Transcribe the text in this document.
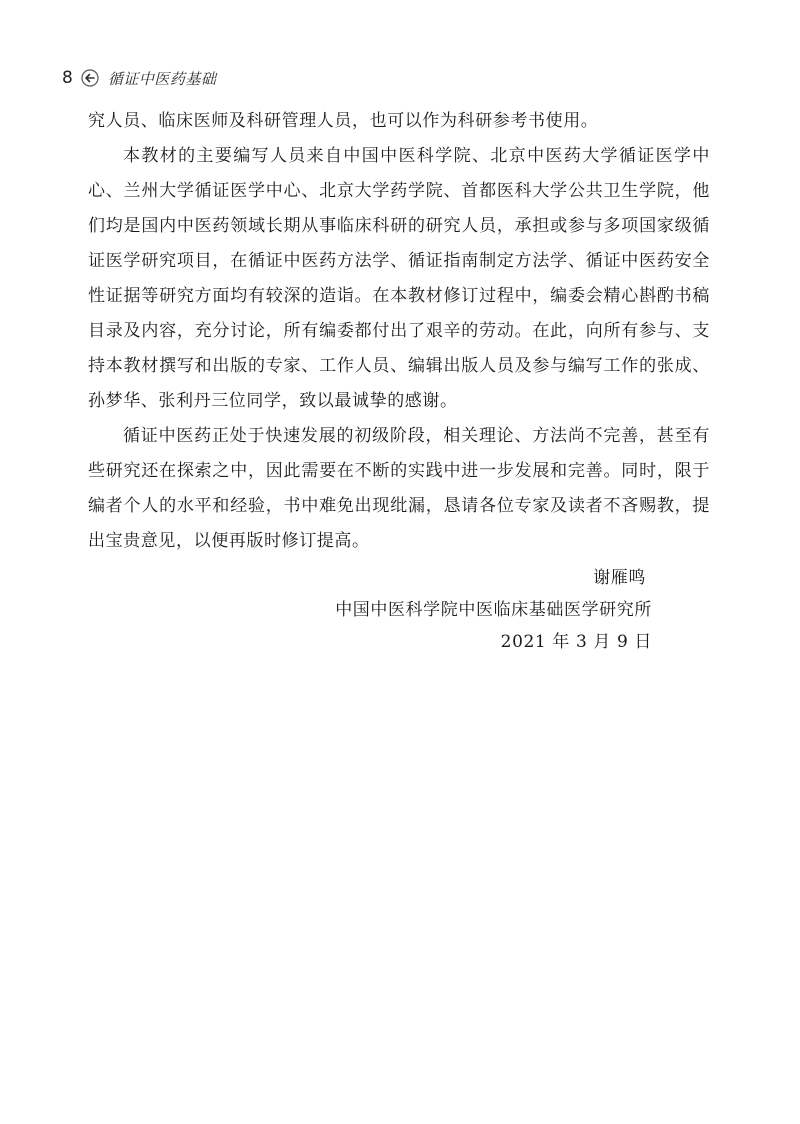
8 循证中医药基础

究人员、临床医师及科研管理人员，也可以作为科研参考书使用。

本教材的主要编写人员来自中国中医科学院、北京中医药大学循证医学中心、兰州大学循证医学中心、北京大学药学院、首都医科大学公共卫生学院，他们均是国内中医药领域长期从事临床科研的研究人员，承担或参与多项国家级循证医学研究项目，在循证中医药方法学、循证指南制定方法学、循证中医药安全性证据等研究方面均有较深的造诣。在本教材修订过程中，编委会精心斟酌书稿目录及内容，充分讨论，所有编委都付出了艰辛的劳动。在此，向所有参与、支持本教材撰写和出版的专家、工作人员、编辑出版人员及参与编写工作的张成、孙梦华、张利丹三位同学，致以最诚挚的感谢。

循证中医药正处于快速发展的初级阶段，相关理论、方法尚不完善，甚至有些研究还在探索之中，因此需要在不断的实践中进一步发展和完善。同时，限于编者个人的水平和经验，书中难免出现纰漏，恳请各位专家及读者不吝赐教，提出宝贵意见，以便再版时修订提高。

谢雁鸣
中国中医科学院中医临床基础医学研究所
2021 年 3 月 9 日
